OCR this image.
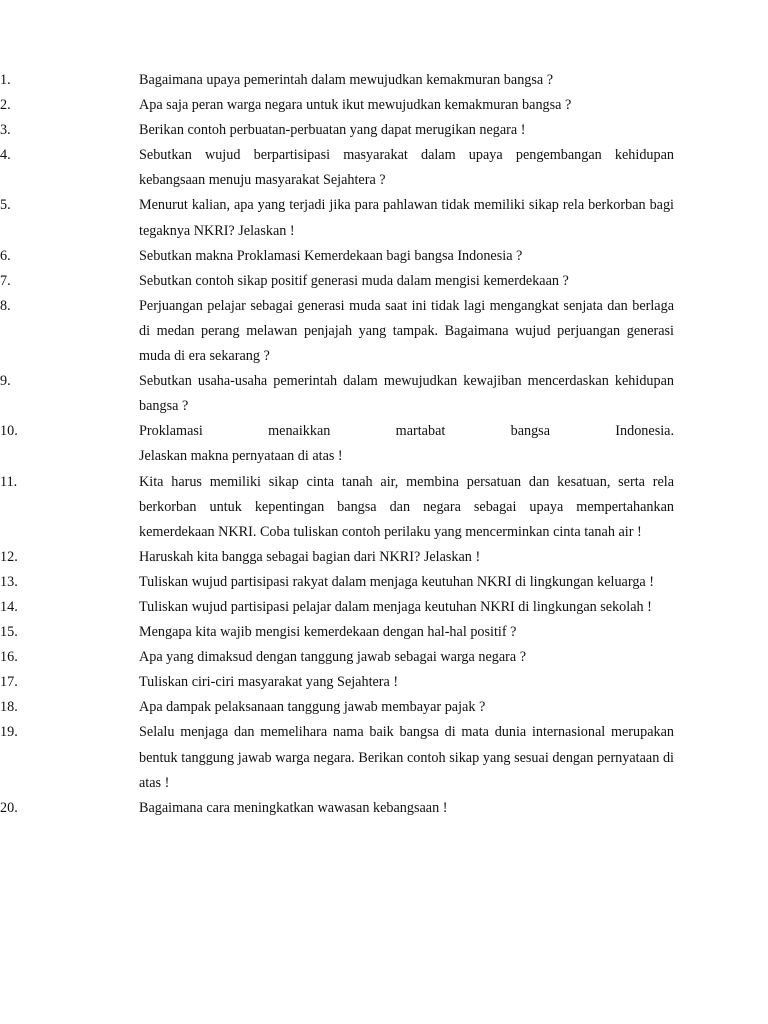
1.	Bagaimana upaya pemerintah dalam mewujudkan kemakmuran bangsa ?
2.	Apa saja peran warga negara untuk ikut mewujudkan kemakmuran bangsa ?
3.	Berikan contoh perbuatan-perbuatan yang dapat merugikan negara !
4.	Sebutkan wujud berpartisipasi masyarakat dalam upaya pengembangan kehidupan kebangsaan menuju masyarakat Sejahtera ?
5.	Menurut kalian, apa yang terjadi jika para pahlawan tidak memiliki sikap rela berkorban bagi tegaknya NKRI? Jelaskan !
6.	Sebutkan makna Proklamasi Kemerdekaan bagi bangsa Indonesia ?
7.	Sebutkan contoh sikap positif generasi muda dalam mengisi kemerdekaan ?
8.	Perjuangan pelajar sebagai generasi muda saat ini tidak lagi mengangkat senjata dan berlaga di medan perang melawan penjajah yang tampak. Bagaimana wujud perjuangan generasi muda di era sekarang ?
9.	Sebutkan usaha-usaha pemerintah dalam mewujudkan kewajiban mencerdaskan kehidupan bangsa ?
10.	Proklamasi menaikkan martabat bangsa Indonesia.
Jelaskan makna pernyataan di atas !
11.	Kita harus memiliki sikap cinta tanah air, membina persatuan dan kesatuan, serta rela berkorban untuk kepentingan bangsa dan negara sebagai upaya mempertahankan kemerdekaan NKRI. Coba tuliskan contoh perilaku yang mencerminkan cinta tanah air !
12.	Haruskah kita bangga sebagai bagian dari NKRI? Jelaskan !
13.	Tuliskan wujud partisipasi rakyat dalam menjaga keutuhan NKRI di lingkungan keluarga !
14.	Tuliskan wujud partisipasi pelajar dalam menjaga keutuhan NKRI di lingkungan sekolah !
15.	Mengapa kita wajib mengisi kemerdekaan dengan hal-hal positif ?
16.	Apa yang dimaksud dengan tanggung jawab sebagai warga negara ?
17.	Tuliskan ciri-ciri masyarakat yang Sejahtera !
18.	Apa dampak pelaksanaan tanggung jawab membayar pajak ?
19.	Selalu menjaga dan memelihara nama baik bangsa di mata dunia internasional merupakan bentuk tanggung jawab warga negara. Berikan contoh sikap yang sesuai dengan pernyataan di atas !
20.	Bagaimana cara meningkatkan wawasan kebangsaan !
